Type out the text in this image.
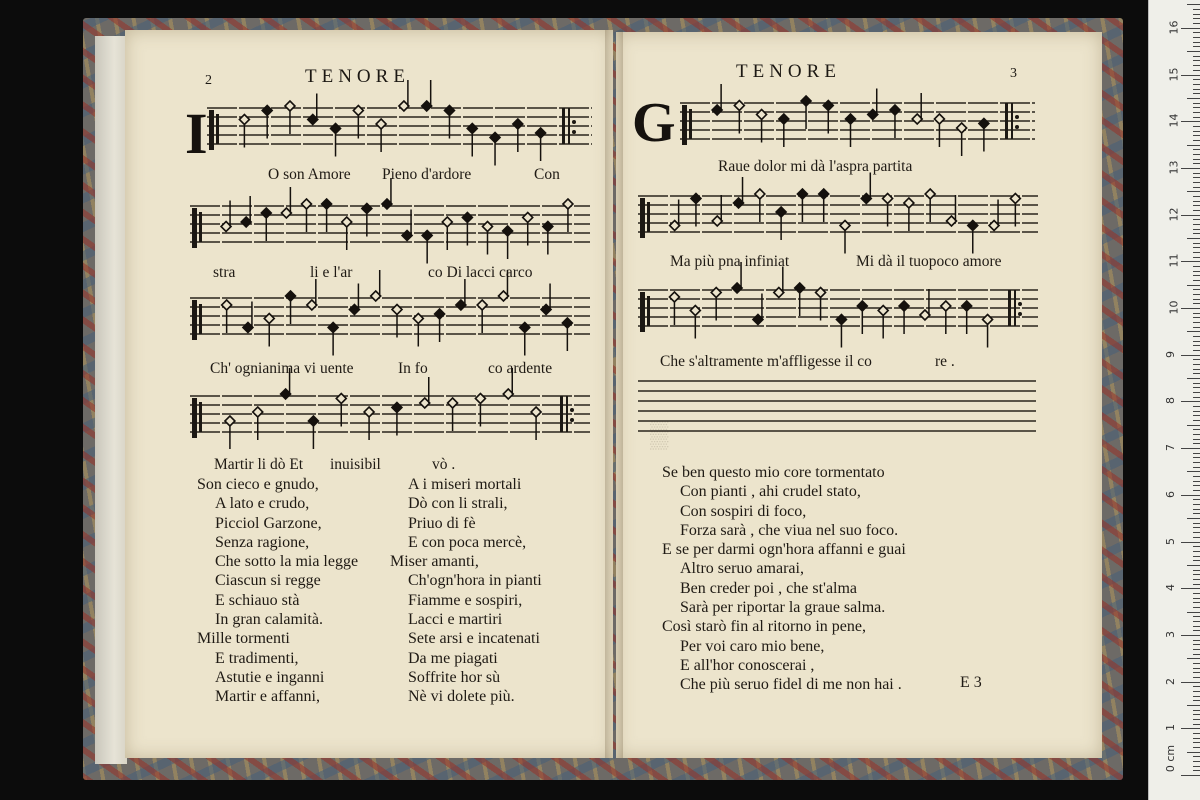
TENORE
2
I
O son Amore Pieno d'ardore	Con
stra	li e l'ar	co Di lacci carco
Ch' ognianima vi uente	In fo	co ardente
Martir li dò Et inuisibil	vò .
Son cieco e gnudo,
A lato e crudo,
Picciol Garzone,
Senza ragione,
Che sotto la mia legge
Ciascun si regge
E schiauo stà
In gran calamità.
Mille tormenti
E tradimenti,
Astutie e inganni
Martir e affanni,
A i miseri mortali
Dò con li strali,
Priuo di fè
E con poca mercè,
Miser amanti,
Ch'ogn'hora in pianti
Fiamme e sospiri,
Lacci e martiri
Sete arsi e incatenati
Da me piagati
Soffrite hor sù
Nè vi dolete più.
▒
TENORE	3
G
Raue dolor mi dà l'aspra partita
Ma più pna infiniat	Mi dà il tuopoco amore
Che s'altramente m'affligesse il co	re .
Se ben questo mio core tormentato
Con pianti , ahi crudel stato,
Con sospiri di foco,
Forza sarà , che viua nel suo foco.
E se per darmi ogn'hora affanni e guai
Altro seruo amarai,
Ben creder poi , che st'alma
Sarà per riportar la graue salma.
Così starò fin al ritorno in pene,
Per voi caro mio bene,
E all'hor conoscerai ,
Che più seruo fidel di me non hai .	E 3
0 cm
1
2
3
4
5
6
7
8
9
10
11
12
13
14
15
16
